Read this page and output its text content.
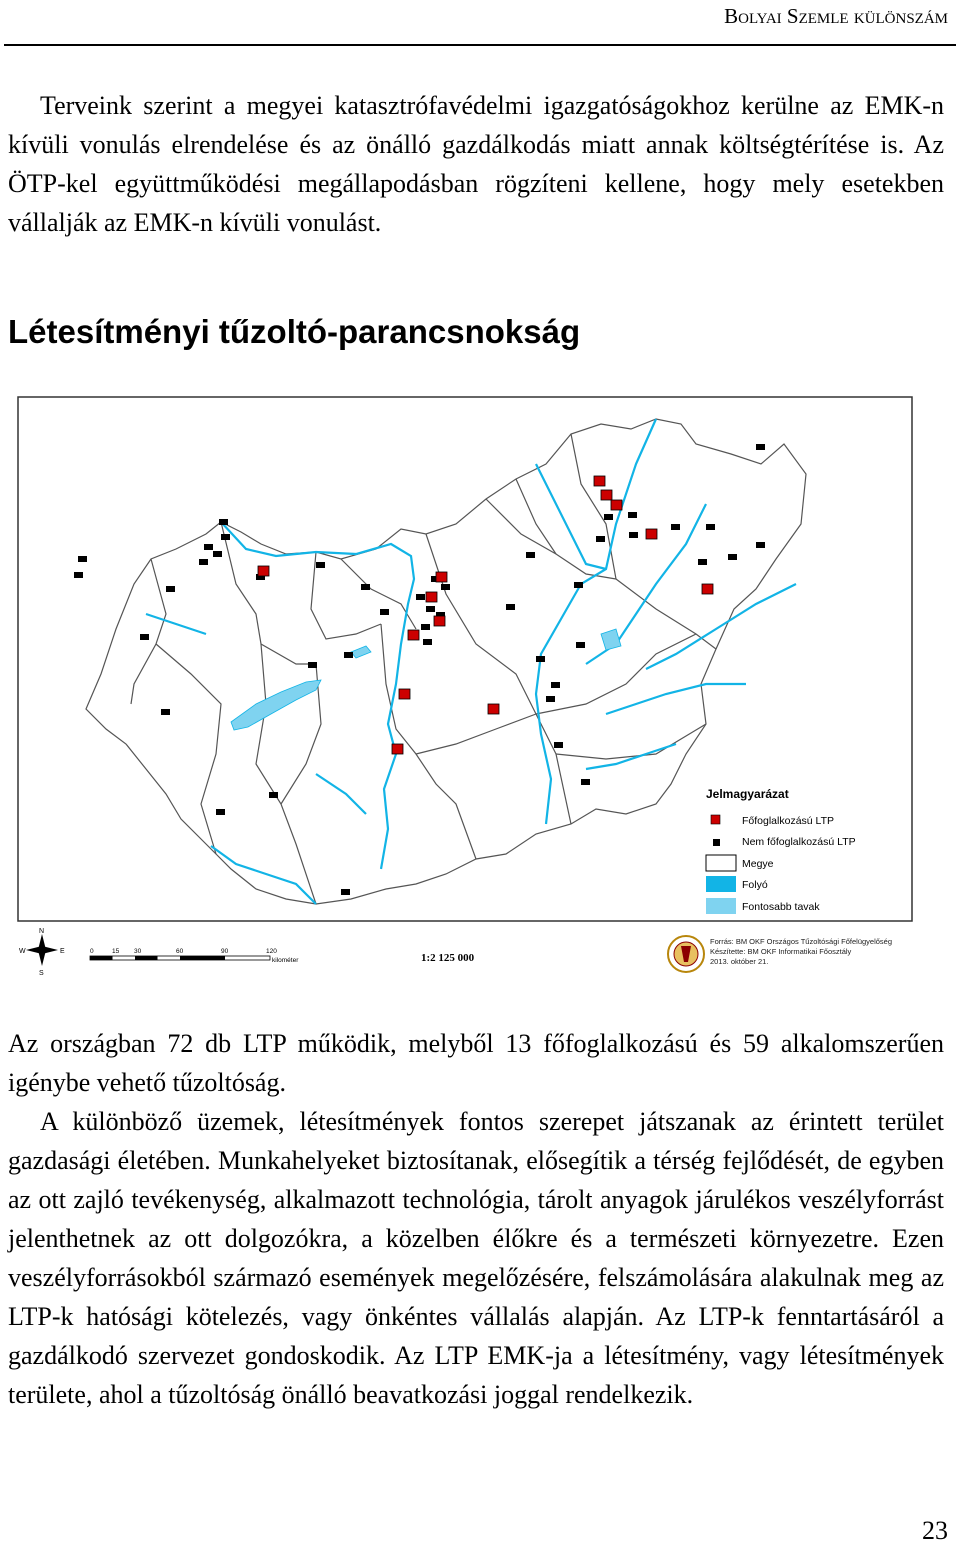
Bolyai Szemle különszám

Terveink szerint a megyei katasztrófavédelmi igazgatóságokhoz kerülne az EMK-n kívüli vonulás elrendelése és az önálló gazdálkodás miatt annak költségtérítése is. Az ÖTP-kel együttműködési megállapodásban rögzíteni kellene, hogy mely esetekben vállalják az EMK-n kívüli vonulást.

Létesítményi tűzoltó-parancsnokság
Jelmagyarázat
Főfoglalkozású LTP
Nem főfoglalkozású LTP
Megye
Folyó
Fontosabb tavak
N
S
E
W	0	15 30	60	90	120
kilométer	1:2 125 000
Forrás: BM OKF Országos Tűzoltósági Főfelügyelőség
Készítette: BM OKF Informatikai Főosztály
2013. október 21.

Az országban 72 db LTP működik, melyből 13 főfoglalkozású és 59 alkalomszerűen igénybe vehető tűzoltóság.

A különböző üzemek, létesítmények fontos szerepet játszanak az érintett terület gazdasági életében. Munkahelyeket biztosítanak, elősegítik a térség fejlődését, de egyben az ott zajló tevékenység, alkalmazott technológia, tárolt anyagok járulékos veszélyforrást jelenthetnek az ott dolgozókra, a közelben élőkre és a természeti környezetre. Ezen veszélyforrásokból származó események megelőzésére, felszámolására alakulnak meg az LTP-k hatósági kötelezés, vagy önkéntes vállalás alapján. Az LTP-k fenntartásáról a gazdálkodó szervezet gondoskodik. Az LTP EMK-ja a létesítmény, vagy létesítmények területe, ahol a tűzoltóság önálló beavatkozási joggal rendelkezik.

23
